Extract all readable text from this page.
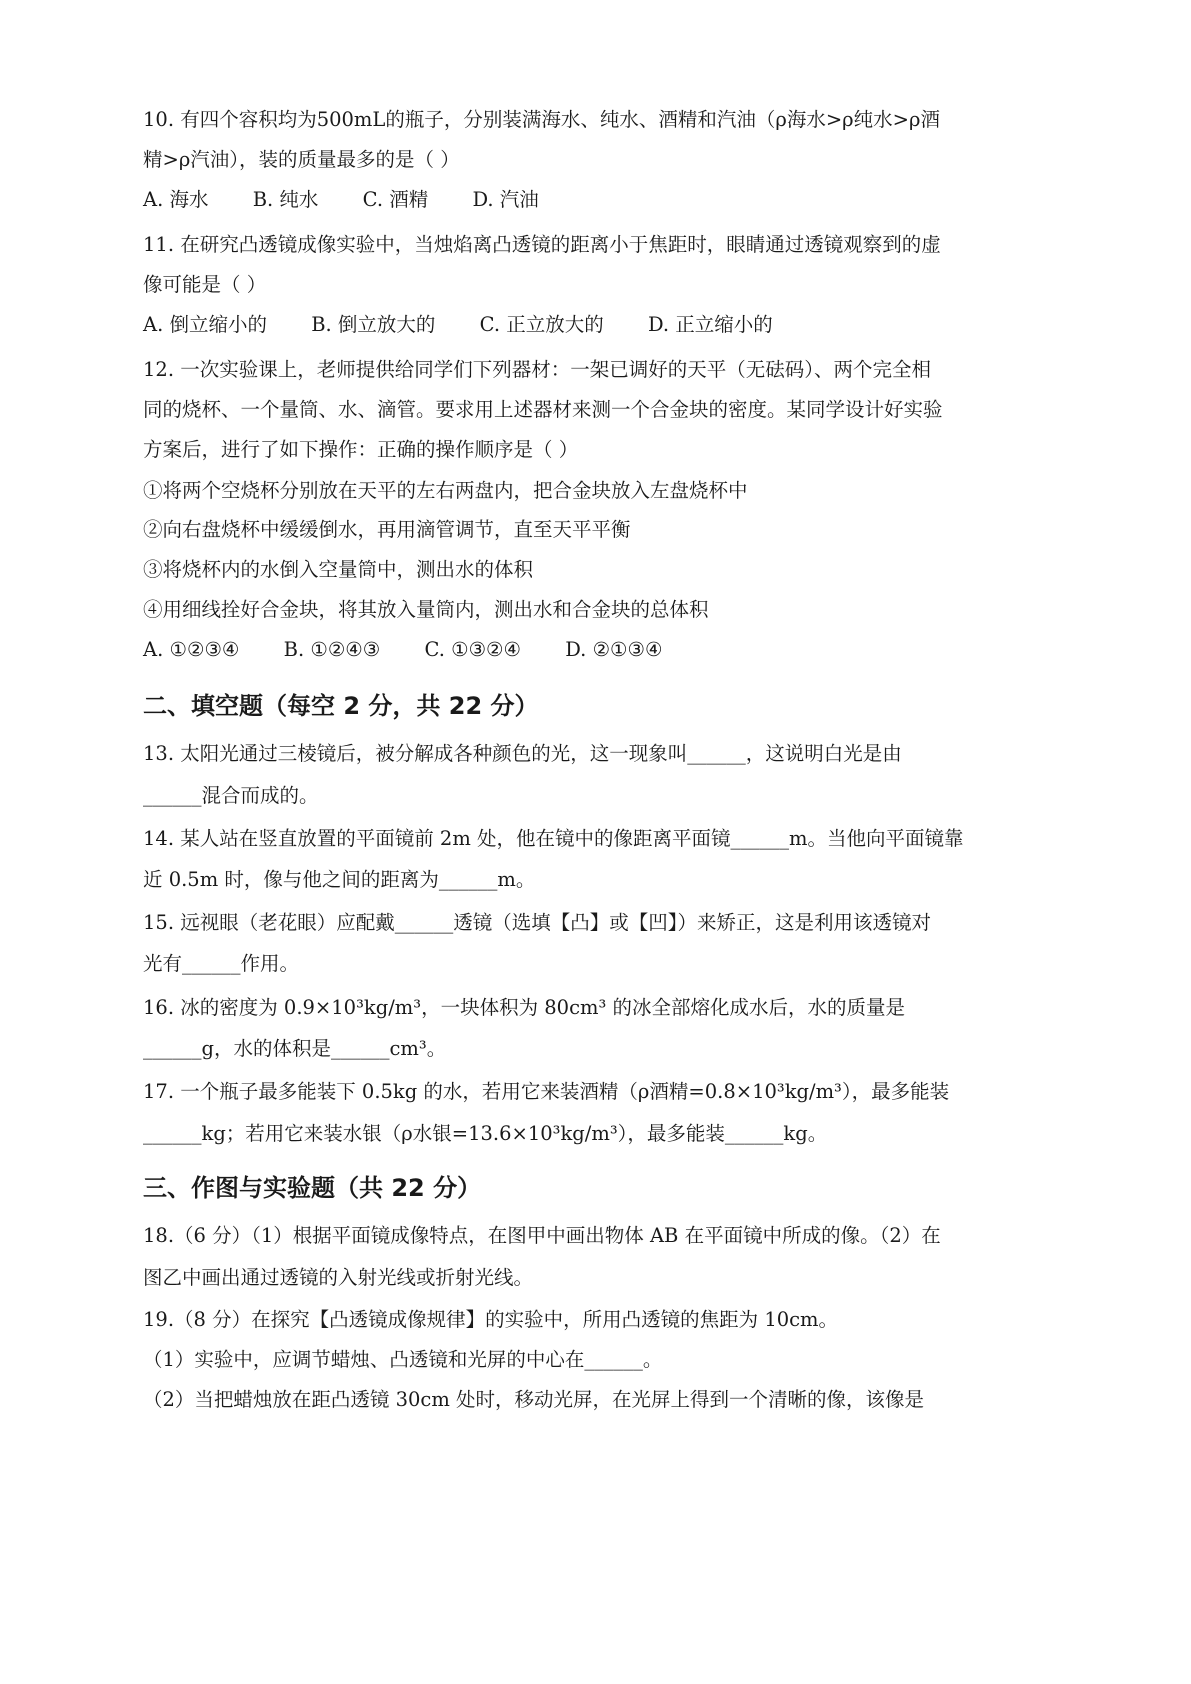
10. 有四个容积均为500mL的瓶子，分别装满海水、纯水、酒精和汽油（ρ海水>ρ纯水>ρ酒
精>ρ汽油），装的质量最多的是（ ）
A. 海水 B. 纯水 C. 酒精 D. 汽油
11. 在研究凸透镜成像实验中，当烛焰离凸透镜的距离小于焦距时，眼睛通过透镜观察到的虚
像可能是（ ）
A. 倒立缩小的 B. 倒立放大的 C. 正立放大的 D. 正立缩小的
12. 一次实验课上，老师提供给同学们下列器材：一架已调好的天平（无砝码）、两个完全相
同的烧杯、一个量筒、水、滴管。要求用上述器材来测一个合金块的密度。某同学设计好实验
方案后，进行了如下操作：正确的操作顺序是（ ）
①将两个空烧杯分别放在天平的左右两盘内，把合金块放入左盘烧杯中
②向右盘烧杯中缓缓倒水，再用滴管调节，直至天平平衡
③将烧杯内的水倒入空量筒中，测出水的体积
④用细线拴好合金块，将其放入量筒内，测出水和合金块的总体积
A. ①②③④ B. ①②④③ C. ①③②④ D. ②①③④
二、填空题（每空 2 分，共 22 分）
13. 太阳光通过三棱镜后，被分解成各种颜色的光，这一现象叫______，这说明白光是由
______混合而成的。
14. 某人站在竖直放置的平面镜前 2m 处，他在镜中的像距离平面镜______m。当他向平面镜靠
近 0.5m 时，像与他之间的距离为______m。
15. 远视眼（老花眼）应配戴______透镜（选填【凸】或【凹】）来矫正，这是利用该透镜对
光有______作用。
16. 冰的密度为 0.9×10³kg/m³，一块体积为 80cm³ 的冰全部熔化成水后，水的质量是
______g，水的体积是______cm³。
17. 一个瓶子最多能装下 0.5kg 的水，若用它来装酒精（ρ酒精=0.8×10³kg/m³），最多能装
______kg；若用它来装水银（ρ水银=13.6×10³kg/m³），最多能装______kg。
三、作图与实验题（共 22 分）
18.（6 分）（1）根据平面镜成像特点，在图甲中画出物体 AB 在平面镜中所成的像。（2）在
图乙中画出通过透镜的入射光线或折射光线。
19.（8 分）在探究【凸透镜成像规律】的实验中，所用凸透镜的焦距为 10cm。
（1）实验中，应调节蜡烛、凸透镜和光屏的中心在______。
（2）当把蜡烛放在距凸透镜 30cm 处时，移动光屏，在光屏上得到一个清晰的像，该像是
